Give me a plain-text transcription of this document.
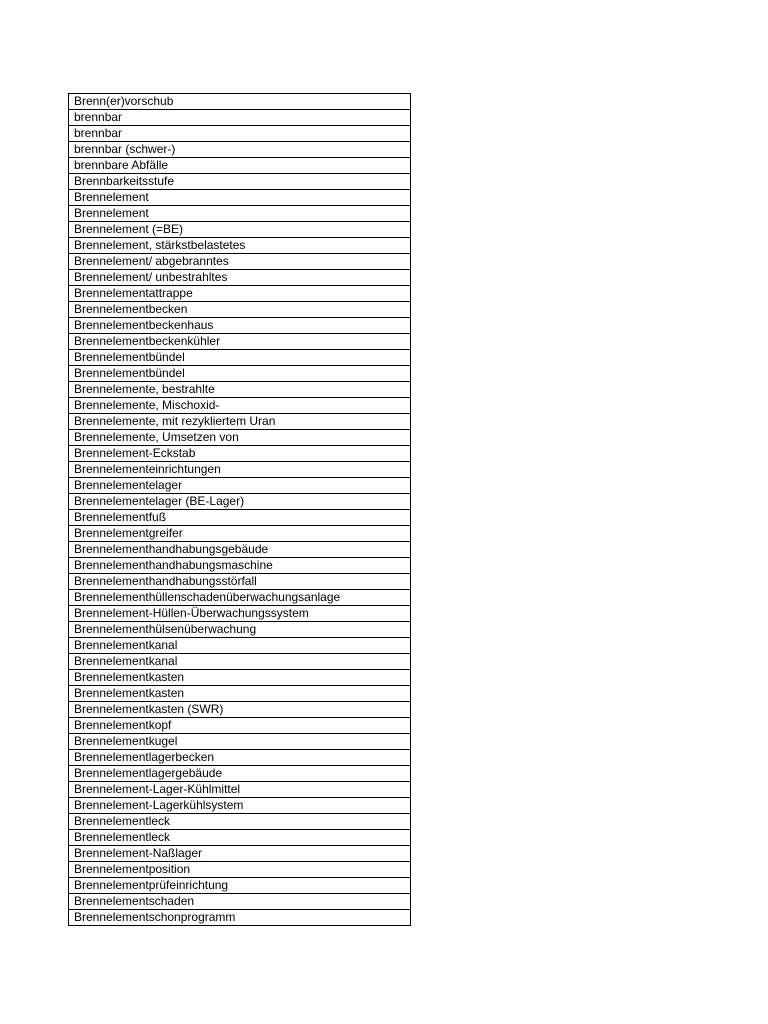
Brenn(er)vorschub
brennbar
brennbar
brennbar (schwer-)
brennbare Abfälle
Brennbarkeitsstufe
Brennelement
Brennelement
Brennelement (=BE)
Brennelement, stärkstbelastetes
Brennelement/ abgebranntes
Brennelement/ unbestrahltes
Brennelementattrappe
Brennelementbecken
Brennelementbeckenhaus
Brennelementbeckenkühler
Brennelementbündel
Brennelementbündel
Brennelemente, bestrahlte
Brennelemente, Mischoxid-
Brennelemente, mit rezykliertem Uran
Brennelemente, Umsetzen von
Brennelement-Eckstab
Brennelementeinrichtungen
Brennelementelager
Brennelementelager (BE-Lager)
Brennelementfuß
Brennelementgreifer
Brennelementhandhabungsgebäude
Brennelementhandhabungsmaschine
Brennelementhandhabungsstörfall
Brennelementhüllenschadenüberwachungsanlage
Brennelement-Hüllen-Überwachungssystem
Brennelementhülsenüberwachung
Brennelementkanal
Brennelementkanal
Brennelementkasten
Brennelementkasten
Brennelementkasten (SWR)
Brennelementkopf
Brennelementkugel
Brennelementlagerbecken
Brennelementlagergebäude
Brennelement-Lager-Kühlmittel
Brennelement-Lagerkühlsystem
Brennelementleck
Brennelementleck
Brennelement-Naßlager
Brennelementposition
Brennelementprüfeinrichtung
Brennelementschaden
Brennelementschonprogramm
